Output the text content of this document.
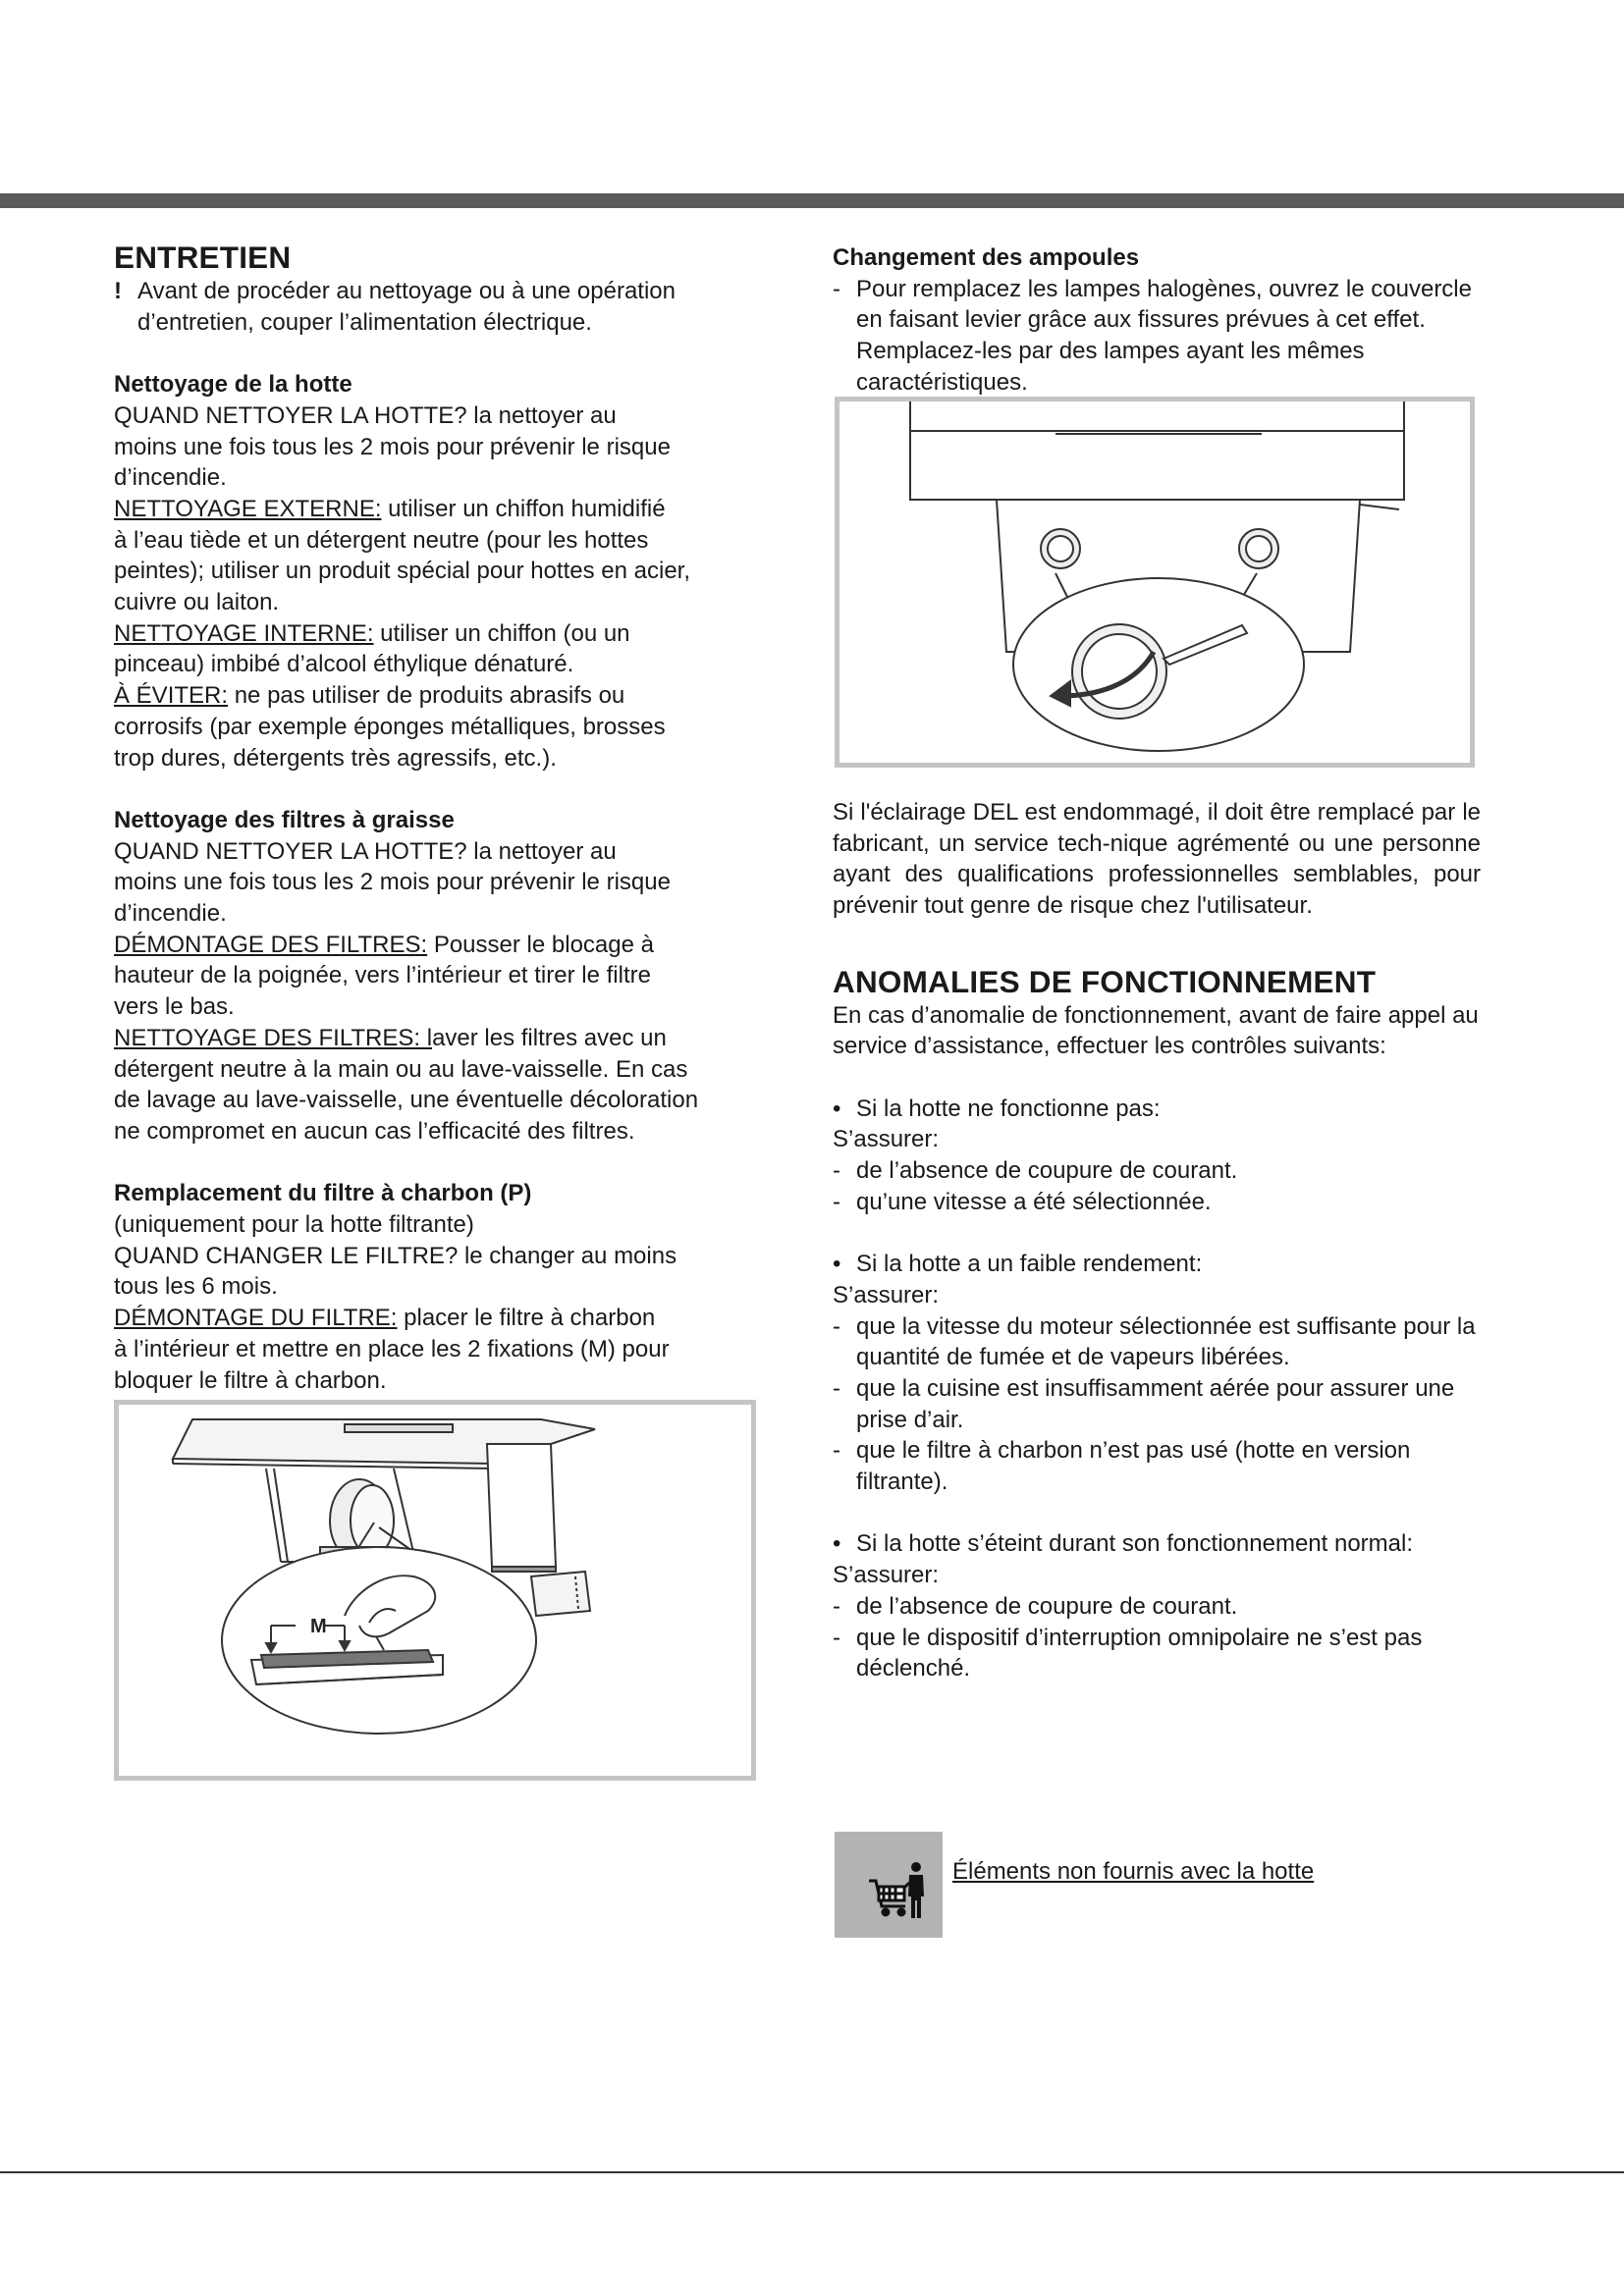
ENTRETIEN
! Avant de procéder au nettoyage ou à une opération d’entretien, couper l’alimentation électrique.
Nettoyage de la hotte

QUAND NETTOYER LA HOTTE? la nettoyer au

moins une fois tous les 2 mois pour prévenir le risque

d’incendie.

NETTOYAGE EXTERNE: utiliser un chiffon humidifié

à l’eau tiède et un détergent neutre (pour les hottes

peintes); utiliser un produit spécial pour hottes en acier,

cuivre ou laiton.

NETTOYAGE INTERNE: utiliser un chiffon (ou un

pinceau) imbibé d’alcool éthylique dénaturé.

À ÉVITER: ne pas utiliser de produits abrasifs ou

corrosifs (par exemple éponges métalliques, brosses

trop dures, détergents très agressifs, etc.).

Nettoyage des filtres à graisse

QUAND NETTOYER LA HOTTE? la nettoyer au

moins une fois tous les 2 mois pour prévenir le risque

d’incendie.

DÉMONTAGE DES FILTRES: Pousser le blocage à

hauteur de la poignée, vers l’intérieur et tirer le filtre

vers le bas.

NETTOYAGE DES FILTRES: laver les filtres avec un

détergent neutre à la main ou au lave-vaisselle. En cas

de lavage au lave-vaisselle, une éventuelle décoloration

ne compromet en aucun cas l’efficacité des filtres.

Remplacement du filtre à charbon (P)

(uniquement pour la hotte filtrante)

QUAND CHANGER LE FILTRE? le changer au moins

tous les 6 mois.

DÉMONTAGE DU FILTRE: placer le filtre à charbon

à l’intérieur et mettre en place les 2 fixations (M) pour

bloquer le filtre à charbon.

M
Changement des ampoules
- Pour remplacez les lampes halogènes, ouvrez le couvercle en faisant levier grâce aux fissures prévues à cet effet. Remplacez-les par des lampes ayant les mêmes caractéristiques.

Si l'éclairage DEL est endommagé, il doit être remplacé par le fabricant, un service tech-nique agrémenté ou une personne ayant des qualifications professionnelles semblables, pour prévenir tout genre de risque chez l'utilisateur.

ANOMALIES DE FONCTIONNEMENT

En cas d’anomalie de fonctionnement, avant de faire appel au service d’assistance, effectuer les contrôles suivants:

• Si la hotte ne fonctionne pas:

S’assurer:

- de l’absence de coupure de courant.
- qu’une vitesse a été sélectionnée.
• Si la hotte a un faible rendement:

S’assurer:

- que la vitesse du moteur sélectionnée est suffisante pour la quantité de fumée et de vapeurs libérées.
- que la cuisine est insuffisamment aérée pour assurer une prise d’air.
- que le filtre à charbon n’est pas usé (hotte en version filtrante).
• Si la hotte s’éteint durant son fonctionnement normal:

S’assurer:

- de l’absence de coupure de courant.
- que le dispositif d’interruption omnipolaire ne s’est pas déclenché.
Éléments non fournis avec la hotte
